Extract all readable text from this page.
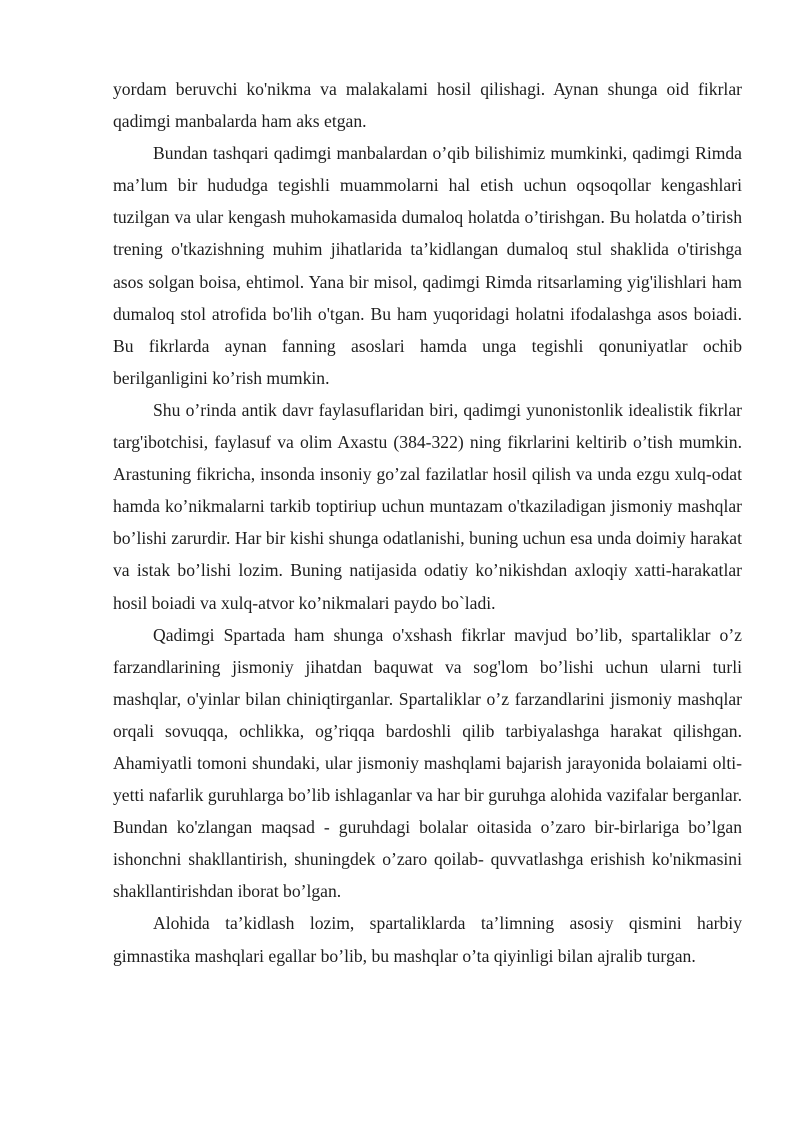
yordam beruvchi ko'nikma va malakalami hosil qilishagi. Aynan shunga oid fikrlar qadimgi manbalarda ham aks etgan.

Bundan tashqari qadimgi manbalardan o’qib bilishimiz mumkinki, qadimgi Rimda ma’lum bir hududga tegishli muammolarni hal etish uchun oqsoqollar kengashlari tuzilgan va ular kengash muhokamasida dumaloq holatda o’tirishgan. Bu holatda o’tirish trening o'tkazishning muhim jihatlarida ta’kidlangan dumaloq stul shaklida o'tirishga asos solgan boisa, ehtimol. Yana bir misol, qadimgi Rimda ritsarlaming yig'ilishlari ham dumaloq stol atrofida bo'lih o'tgan. Bu ham yuqoridagi holatni ifodalashga asos boiadi. Bu fikrlarda aynan fanning asoslari hamda unga tegishli qonuniyatlar ochib berilganligini ko’rish mumkin.

Shu o’rinda antik davr faylasuflaridan biri, qadimgi yunonistonlik idealistik fikrlar targ'ibotchisi, faylasuf va olim Axastu (384-322) ning fikrlarini keltirib o’tish mumkin. Arastuning fikricha, insonda insoniy go’zal fazilatlar hosil qilish va unda ezgu xulq-odat hamda ko’nikmalarni tarkib toptiriup uchun muntazam o'tkaziladigan jismoniy mashqlar bo’lishi zarurdir. Har bir kishi shunga odatlanishi, buning uchun esa unda doimiy harakat va istak bo’lishi lozim. Buning natijasida odatiy ko’nikishdan axloqiy xatti-harakatlar hosil boiadi va xulq-atvor ko’nikmalari paydo bo`ladi.

Qadimgi Spartada ham shunga o'xshash fikrlar mavjud bo’lib, spartaliklar o’z farzandlarining jismoniy jihatdan baquwat va sog'lom bo’lishi uchun ularni turli mashqlar, o'yinlar bilan chiniqtirganlar. Spartaliklar o’z farzandlarini jismoniy mashqlar orqali sovuqqa, ochlikka, og’riqqa bardoshli qilib tarbiyalashga harakat qilishgan. Ahamiyatli tomoni shundaki, ular jismoniy mashqlami bajarish jarayonida bolaiami olti-yetti nafarlik guruhlarga bo’lib ishlaganlar va har bir guruhga alohida vazifalar berganlar. Bundan ko'zlangan maqsad - guruhdagi bolalar oitasida o’zaro bir-birlariga bo’lgan ishonchni shakllantirish, shuningdek o’zaro qoilab- quvvatlashga erishish ko'nikmasini shakllantirishdan iborat bo’lgan.

Alohida ta’kidlash lozim, spartaliklarda ta’limning asosiy qismini harbiy gimnastika mashqlari egallar bo’lib, bu mashqlar o’ta qiyinligi bilan ajralib turgan.
